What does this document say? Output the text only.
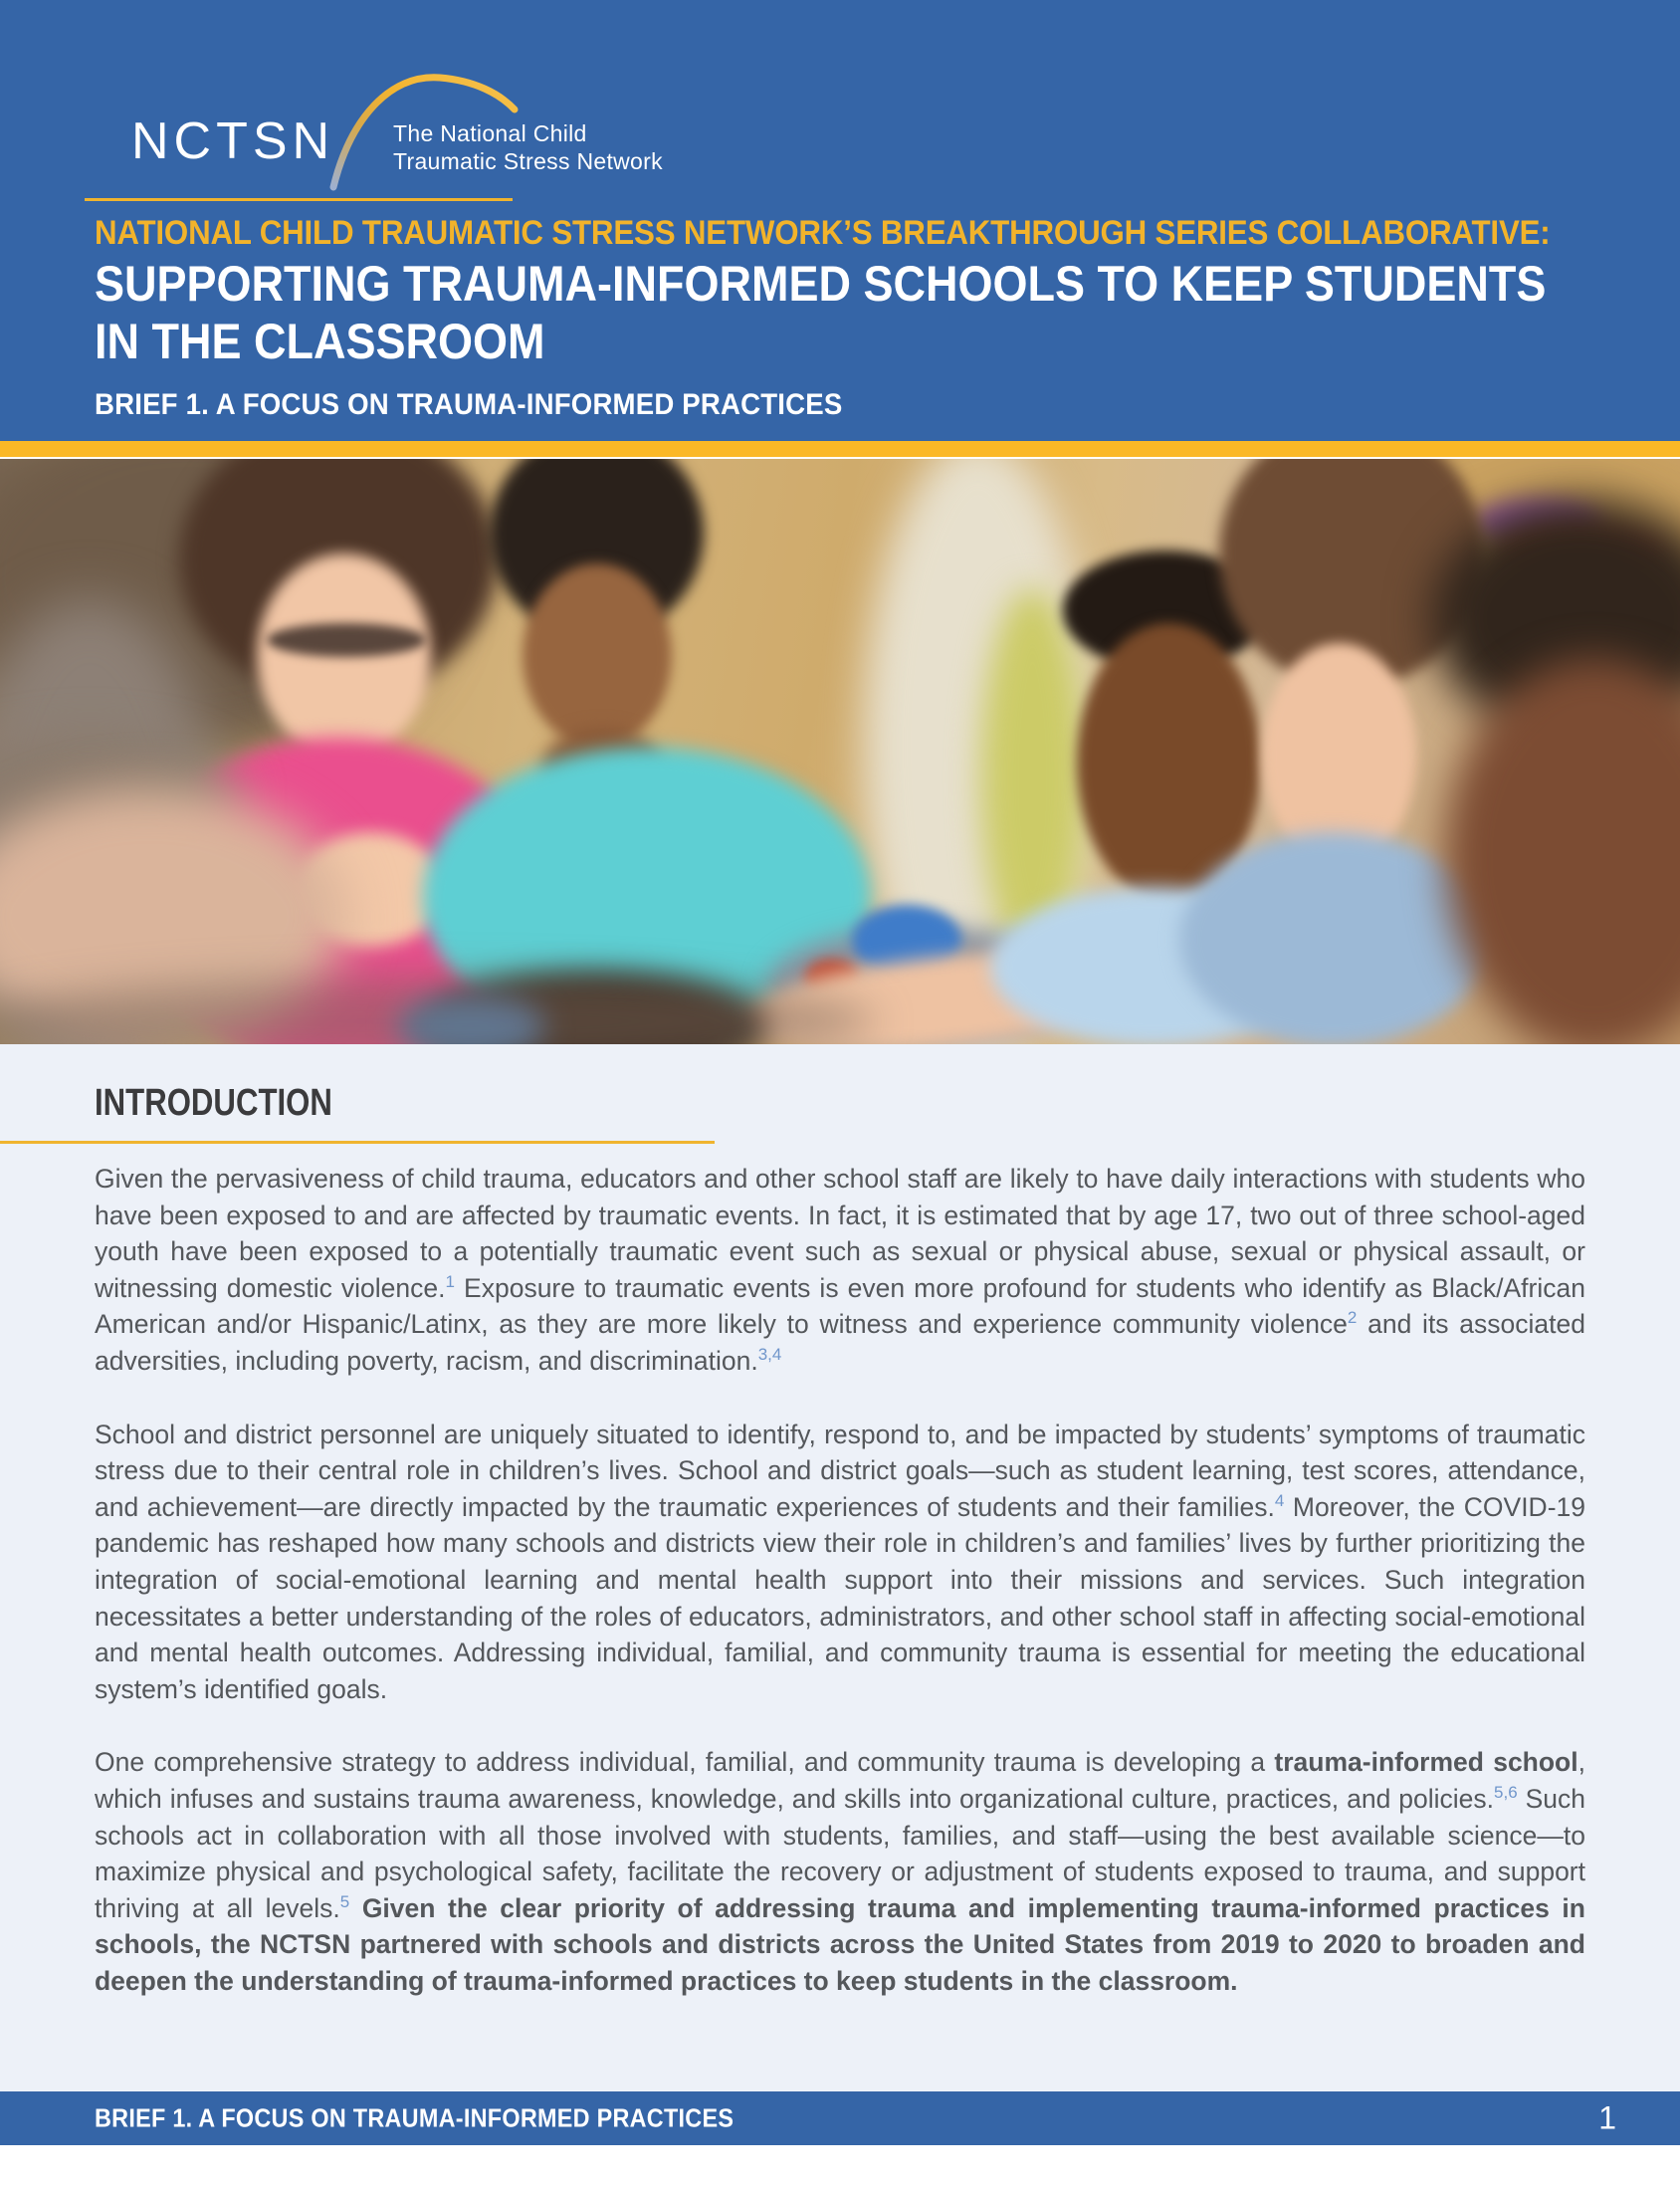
NCTSN	The National Child
Traumatic Stress Network
NATIONAL CHILD TRAUMATIC STRESS NETWORK’S BREAKTHROUGH SERIES COLLABORATIVE:
SUPPORTING TRAUMA-INFORMED SCHOOLS TO KEEP STUDENTS
IN THE CLASSROOM
BRIEF 1. A FOCUS ON TRAUMA-INFORMED PRACTICES
INTRODUCTION

Given the pervasiveness of child trauma, educators and other school staff are likely to have daily interactions with students who have been exposed to and are affected by traumatic events. In fact, it is estimated that by age 17, two out of three school-aged youth have been exposed to a potentially traumatic event such as sexual or physical abuse, sexual or physical assault, or witnessing domestic violence.$^1$ Exposure to traumatic events is even more profound for students who identify as Black/African American and/or Hispanic/Latinx, as they are more likely to witness and experience community violence$^2$ and its associated adversities, including poverty, racism, and discrimination.$^{3,4}$

School and district personnel are uniquely situated to identify, respond to, and be impacted by students’ symptoms of traumatic stress due to their central role in children’s lives. School and district goals—such as student learning, test scores, attendance, and achievement—are directly impacted by the traumatic experiences of students and their families.$^4$ Moreover, the COVID-19 pandemic has reshaped how many schools and districts view their role in children’s and families’ lives by further prioritizing the integration of social-emotional learning and mental health support into their missions and services. Such integration necessitates a better understanding of the roles of educators, administrators, and other school staff in affecting social-emotional and mental health outcomes. Addressing individual, familial, and community trauma is essential for meeting the educational system’s identified goals.

One comprehensive strategy to address individual, familial, and community trauma is developing a trauma-informed school, which infuses and sustains trauma awareness, knowledge, and skills into organizational culture, practices, and policies.$^{5,6}$ Such schools act in collaboration with all those involved with students, families, and staff—using the best available science—to maximize physical and psychological safety, facilitate the recovery or adjustment of students exposed to trauma, and support thriving at all levels.$^5$ Given the clear priority of addressing trauma and implementing trauma-informed practices in schools, the NCTSN partnered with schools and districts across the United States from 2019 to 2020 to broaden and deepen the understanding of trauma-informed practices to keep students in the classroom.

BRIEF 1. A FOCUS ON TRAUMA-INFORMED PRACTICES	1
